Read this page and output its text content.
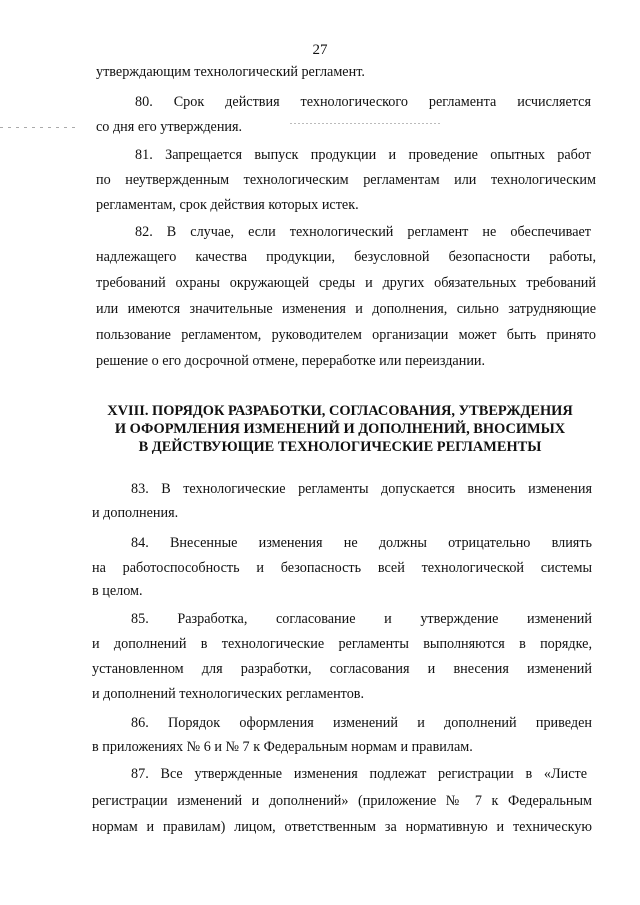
27
утверждающим технологический регламент.
80. Срок действия технологического регламента исчисляется
со дня его утверждения.
81. Запрещается выпуск продукции и проведение опытных работ
по неутвержденным технологическим регламентам или технологическим
регламентам, срок действия которых истек.
82. В случае, если технологический регламент не обеспечивает
надлежащего качества продукции, безусловной безопасности работы,
требований охраны окружающей среды и других обязательных требований
или имеются значительные изменения и дополнения, сильно затрудняющие
пользование регламентом, руководителем организации может быть принято
решение о его досрочной отмене, переработке или переиздании.
XVIII. ПОРЯДОК РАЗРАБОТКИ, СОГЛАСОВАНИЯ, УТВЕРЖДЕНИЯ
И ОФОРМЛЕНИЯ ИЗМЕНЕНИЙ И ДОПОЛНЕНИЙ, ВНОСИМЫХ
В ДЕЙСТВУЮЩИЕ ТЕХНОЛОГИЧЕСКИЕ РЕГЛАМЕНТЫ
83. В технологические регламенты допускается вносить изменения
и дополнения.
84. Внесенные изменения не должны отрицательно влиять
на работоспособность и безопасность всей технологической системы
в целом.
85. Разработка, согласование и утверждение изменений
и дополнений в технологические регламенты выполняются в порядке,
установленном для разработки, согласования и внесения изменений
и дополнений технологических регламентов.
86. Порядок оформления изменений и дополнений приведен
в приложениях № 6 и № 7 к Федеральным нормам и правилам.
87. Все утвержденные изменения подлежат регистрации в «Листе
регистрации изменений и дополнений» (приложение № 7 к Федеральным
нормам и правилам) лицом, ответственным за нормативную и техническую
